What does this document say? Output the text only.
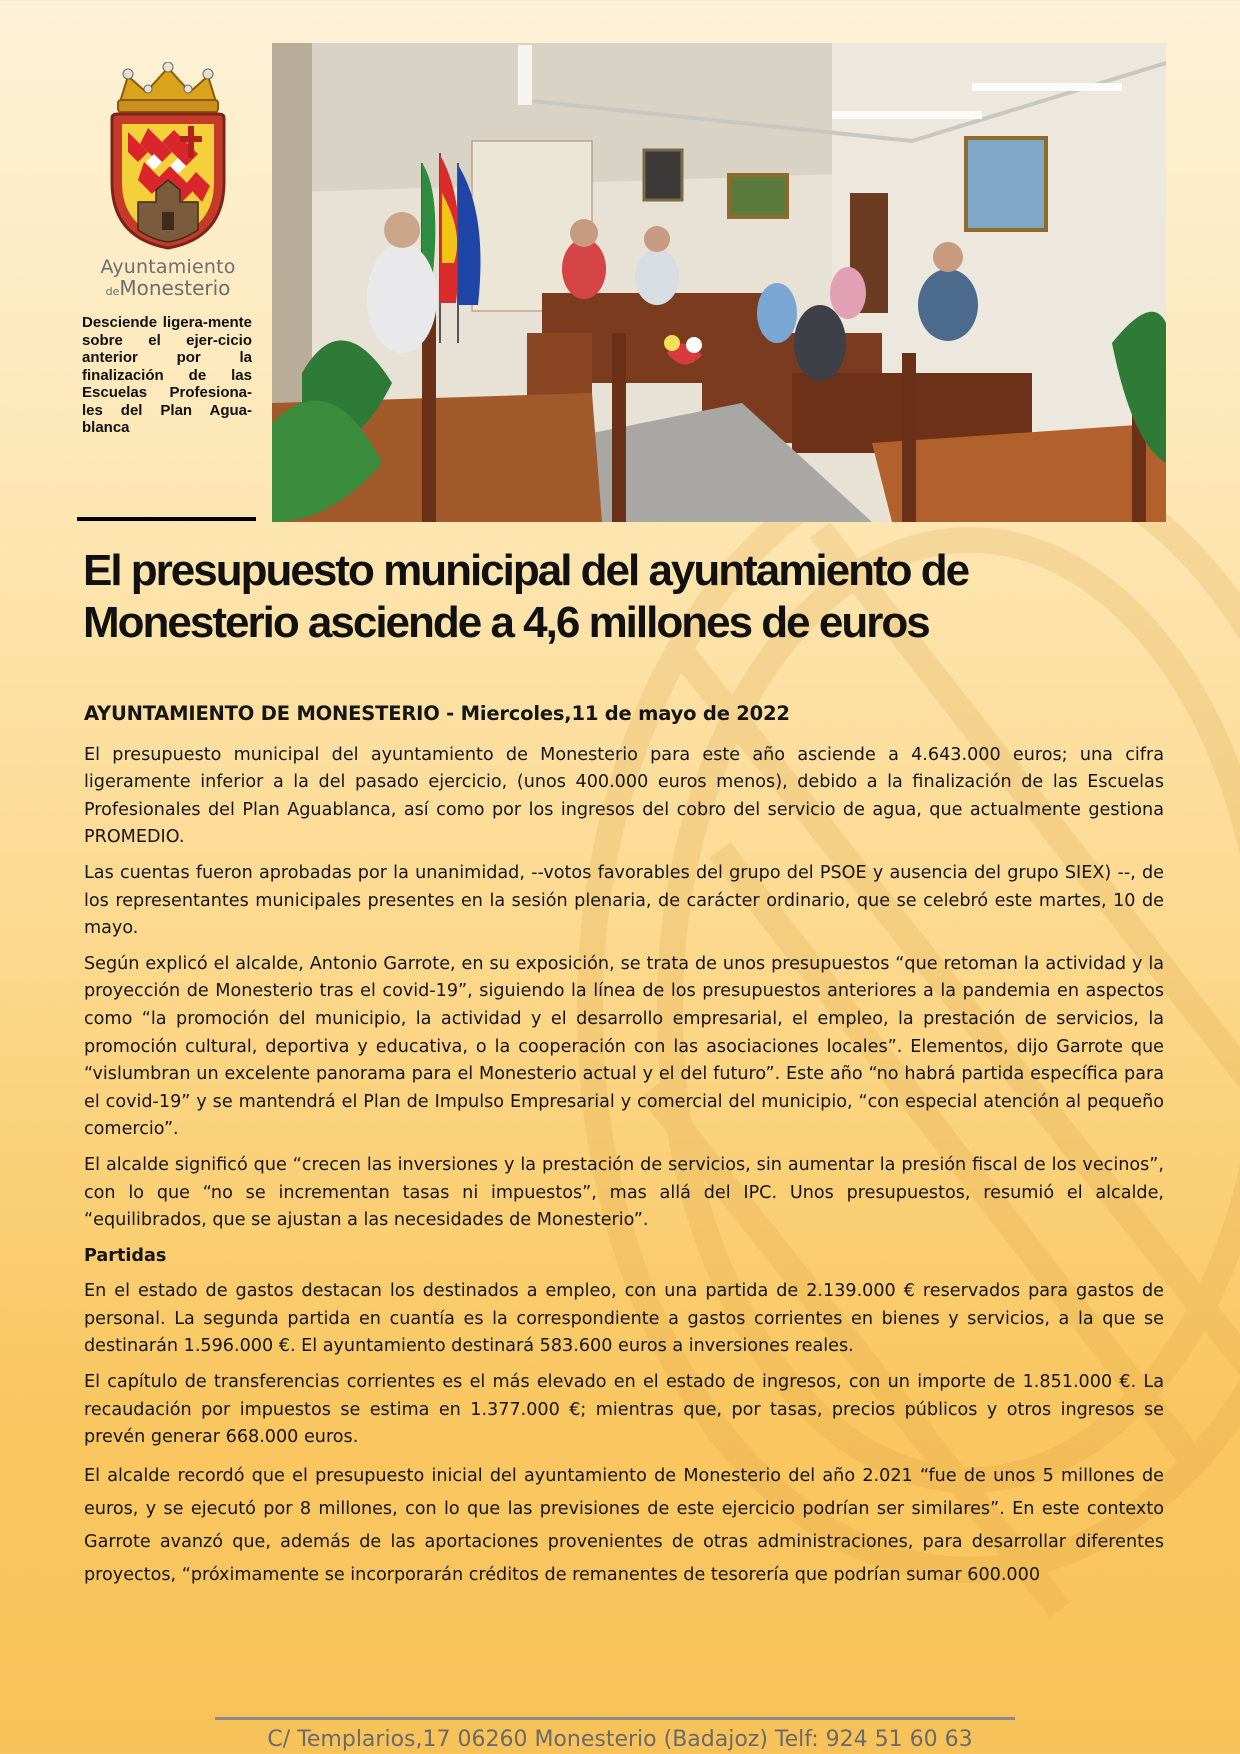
Ayuntamiento
deMonesterio
Desciende ligera-mente sobre el ejer-cicio anterior por la finalización de las Escuelas Profesiona-les del Plan Agua-blanca
El presupuesto municipal del ayuntamiento de Monesterio asciende a 4,6 millones de euros
AYUNTAMIENTO DE MONESTERIO - Miercoles,11 de mayo de 2022

El presupuesto municipal del ayuntamiento de Monesterio para este año asciende a 4.643.000 euros; una cifra ligeramente inferior a la del pasado ejercicio, (unos 400.000 euros menos), debido a la finalización de las Escuelas Profesionales del Plan Aguablanca, así como por los ingresos del cobro del servicio de agua, que actualmente gestiona PROMEDIO.

Las cuentas fueron aprobadas por la unanimidad, --votos favorables del grupo del PSOE y ausencia del grupo SIEX) --, de los representantes municipales presentes en la sesión plenaria, de carácter ordinario, que se celebró este martes, 10 de mayo.

Según explicó el alcalde, Antonio Garrote, en su exposición, se trata de unos presupuestos “que retoman la actividad y la proyección de Monesterio tras el covid-19”, siguiendo la línea de los presupuestos anteriores a la pandemia en aspectos como “la promoción del municipio, la actividad y el desarrollo empresarial, el empleo, la prestación de servicios, la promoción cultural, deportiva y educativa, o la cooperación con las asociaciones locales”. Elementos, dijo Garrote que “vislumbran un excelente panorama para el Monesterio actual y el del futuro”. Este año “no habrá partida específica para el covid-19” y se mantendrá el Plan de Impulso Empresarial y comercial del municipio, “con especial atención al pequeño comercio”.

El alcalde significó que “crecen las inversiones y la prestación de servicios, sin aumentar la presión fiscal de los vecinos”, con lo que “no se incrementan tasas ni impuestos”, mas allá del IPC. Unos presupuestos, resumió el alcalde, “equilibrados, que se ajustan a las necesidades de Monesterio”.

Partidas

En el estado de gastos destacan los destinados a empleo, con una partida de 2.139.000 € reservados para gastos de personal. La segunda partida en cuantía es la correspondiente a gastos corrientes en bienes y servicios, a la que se destinarán 1.596.000 €. El ayuntamiento destinará 583.600 euros a inversiones reales.

El capítulo de transferencias corrientes es el más elevado en el estado de ingresos, con un importe de 1.851.000 €. La recaudación por impuestos se estima en 1.377.000 €; mientras que, por tasas, precios públicos y otros ingresos se prevén generar 668.000 euros.

El alcalde recordó que el presupuesto inicial del ayuntamiento de Monesterio del año 2.021 “fue de unos 5 millones de euros, y se ejecutó por 8 millones, con lo que las previsiones de este ejercicio podrían ser similares”. En este contexto Garrote avanzó que, además de las aportaciones provenientes de otras administraciones, para desarrollar diferentes proyectos, “próximamente se incorporarán créditos de remanentes de tesorería que podrían sumar 600.000

C/ Templarios,17 06260 Monesterio (Badajoz) Telf: 924 51 60 63
